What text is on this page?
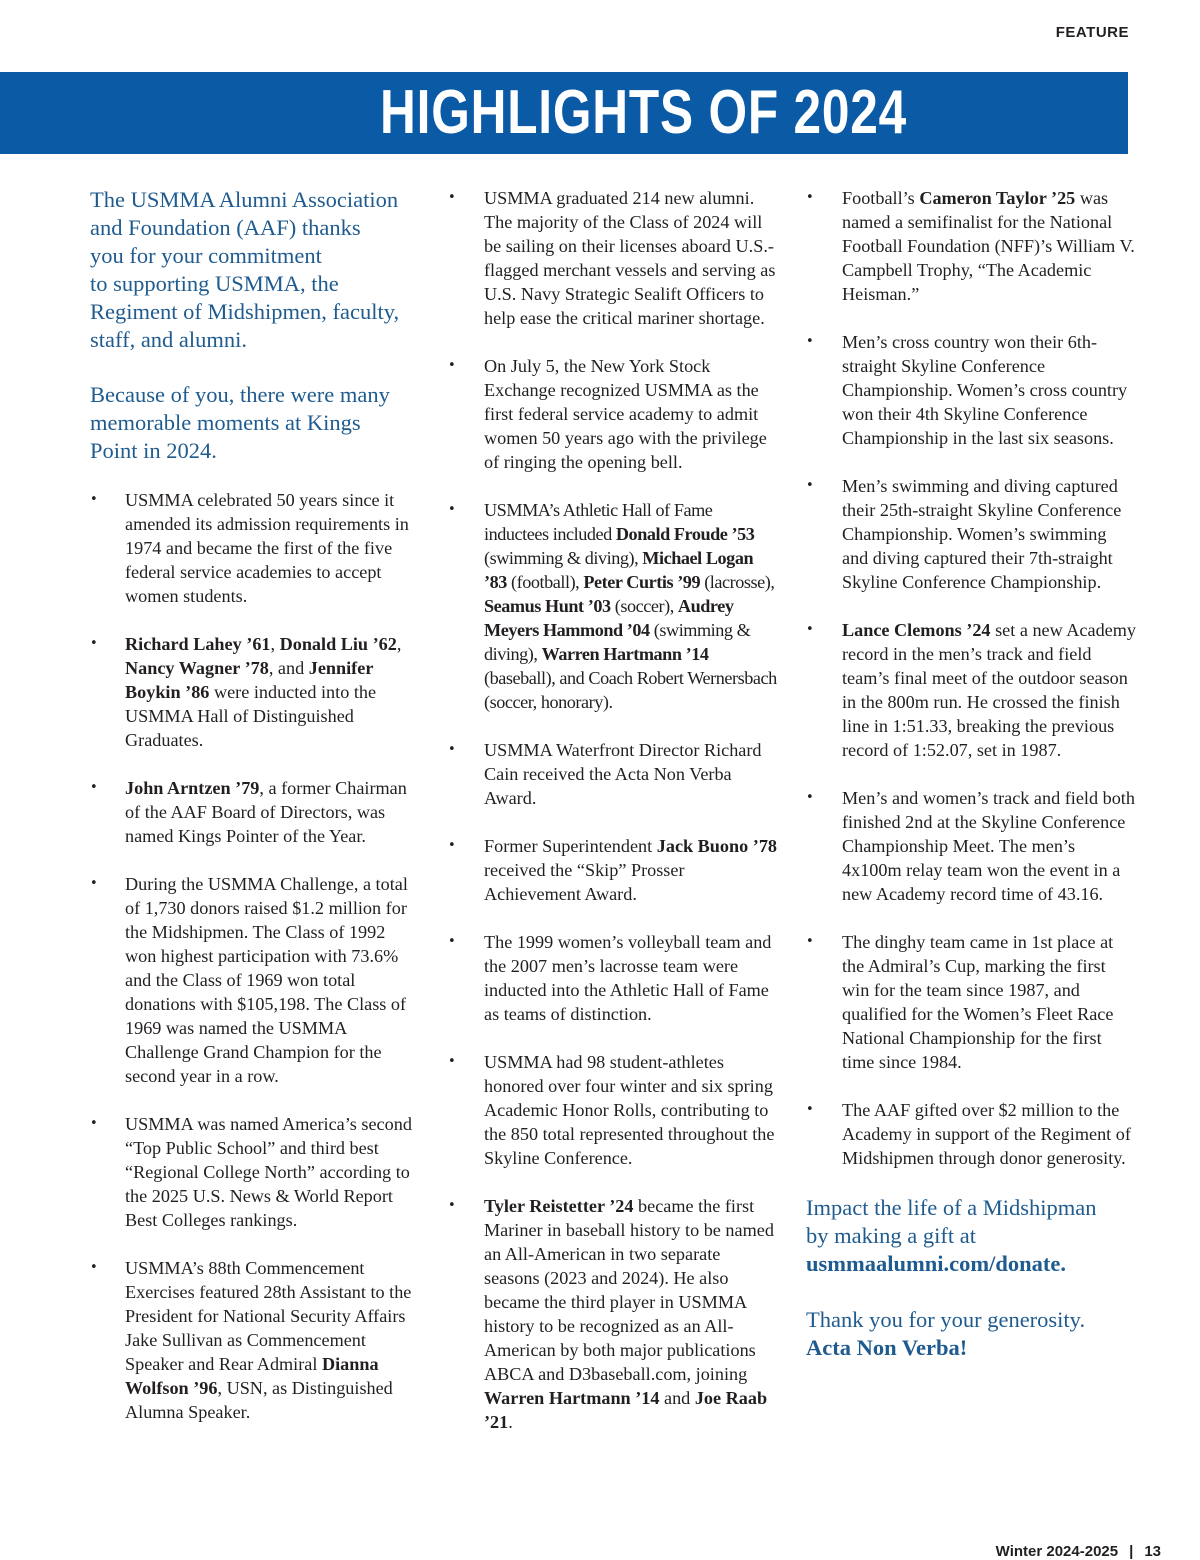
FEATURE
HIGHLIGHTS OF 2024

The USMMA Alumni Association
and Foundation (AAF) thanks
you for your commitment
to supporting USMMA, the
Regiment of Midshipmen, faculty,
staff, and alumni.

Because of you, there were many
memorable moments at Kings
Point in 2024.

• USMMA celebrated 50 years since it amended its admission requirements in 1974 and became the first of the five federal service academies to accept women students.
• Richard Lahey ’61, Donald Liu ’62, Nancy Wagner ’78, and Jennifer Boykin ’86 were inducted into the USMMA Hall of Distinguished Graduates.
• John Arntzen ’79, a former Chairman of the AAF Board of Directors, was named Kings Pointer of the Year.
• During the USMMA Challenge, a total of 1,730 donors raised $1.2 million for the Midshipmen. The Class of 1992 won highest participation with 73.6% and the Class of 1969 won total donations with $105,198. The Class of 1969 was named the USMMA Challenge Grand Champion for the second year in a row.
• USMMA was named America’s second “Top Public School” and third best “Regional College North” according to the 2025 U.S. News & World Report Best Colleges rankings.
• USMMA’s 88th Commencement Exercises featured 28th Assistant to the President for National Security Affairs Jake Sullivan as Commencement Speaker and Rear Admiral Dianna Wolfson ’96, USN, as Distinguished Alumna Speaker.
• USMMA graduated 214 new alumni. The majority of the Class of 2024 will be sailing on their licenses aboard U.S.-flagged merchant vessels and serving as U.S. Navy Strategic Sealift Officers to help ease the critical mariner shortage.
• On July 5, the New York Stock Exchange recognized USMMA as the first federal service academy to admit women 50 years ago with the privilege of ringing the opening bell.
• USMMA’s Athletic Hall of Fame inductees included Donald Froude ’53 (swimming & diving), Michael Logan ’83 (football), Peter Curtis ’99 (lacrosse), Seamus Hunt ’03 (soccer), Audrey Meyers Hammond ’04 (swimming & diving), Warren Hartmann ’14 (baseball), and Coach Robert Wernersbach (soccer, honorary).
• USMMA Waterfront Director Richard Cain received the Acta Non Verba Award.
• Former Superintendent Jack Buono ’78 received the “Skip” Prosser Achievement Award.
• The 1999 women’s volleyball team and the 2007 men’s lacrosse team were inducted into the Athletic Hall of Fame as teams of distinction.
• USMMA had 98 student-athletes honored over four winter and six spring Academic Honor Rolls, contributing to the 850 total represented throughout the Skyline Conference.
• Tyler Reistetter ’24 became the first Mariner in baseball history to be named an All-American in two separate seasons (2023 and 2024). He also became the third player in USMMA history to be recognized as an All-American by both major publications ABCA and D3baseball.com, joining Warren Hartmann ’14 and Joe Raab ’21.
• Football’s Cameron Taylor ’25 was named a semifinalist for the National Football Foundation (NFF)’s William V. Campbell Trophy, “The Academic Heisman.”
• Men’s cross country won their 6th-straight Skyline Conference Championship. Women’s cross country won their 4th Skyline Conference Championship in the last six seasons.
• Men’s swimming and diving captured their 25th-straight Skyline Conference Championship. Women’s swimming and diving captured their 7th-straight Skyline Conference Championship.
• Lance Clemons ’24 set a new Academy record in the men’s track and field team’s final meet of the outdoor season in the 800m run. He crossed the finish line in 1:51.33, breaking the previous record of 1:52.07, set in 1987.
• Men’s and women’s track and field both finished 2nd at the Skyline Conference Championship Meet. The men’s 4x100m relay team won the event in a new Academy record time of 43.16.
• The dinghy team came in 1st place at the Admiral’s Cup, marking the first win for the team since 1987, and qualified for the Women’s Fleet Race National Championship for the first time since 1984.
• The AAF gifted over $2 million to the Academy in support of the Regiment of Midshipmen through donor generosity.

Impact the life of a Midshipman
by making a gift at
usmmaalumni.com/donate.

Thank you for your generosity.
Acta Non Verba!

Winter 2024-2025 | 13
